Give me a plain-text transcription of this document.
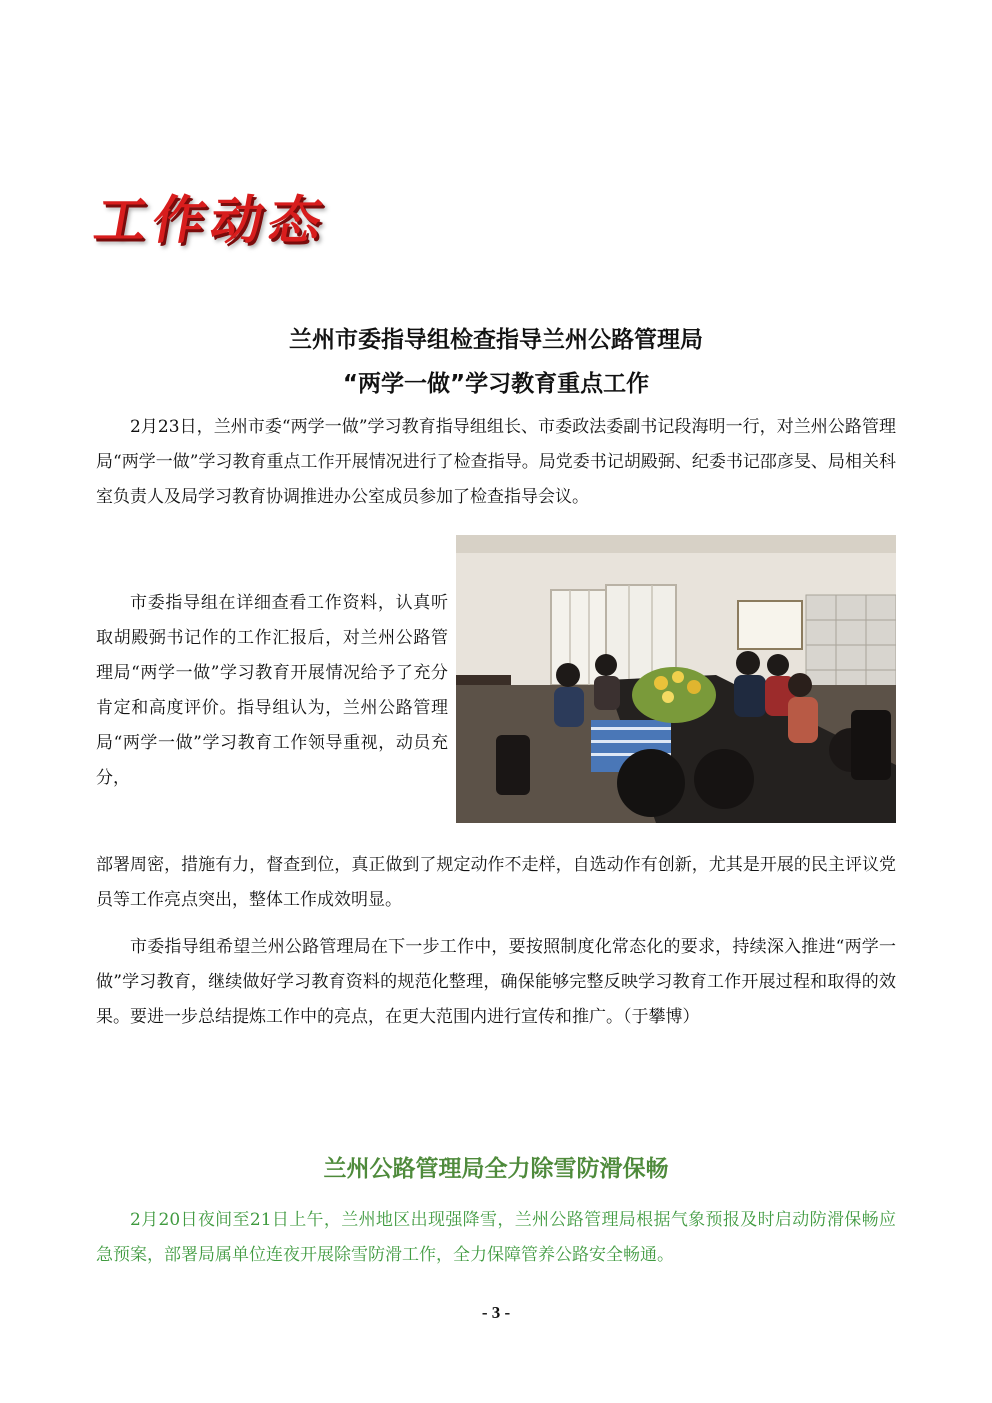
工作动态
兰州市委指导组检查指导兰州公路管理局
“两学一做”学习教育重点工作

2月23日，兰州市委“两学一做”学习教育指导组组长、市委政法委副书记段海明一行，对兰州公路管理局“两学一做”学习教育重点工作开展情况进行了检查指导。局党委书记胡殿弼、纪委书记邵彦旻、局相关科室负责人及局学习教育协调推进办公室成员参加了检查指导会议。

市委指导组在详细查看工作资料，认真听取胡殿弼书记作的工作汇报后，对兰州公路管理局“两学一做”学习教育开展情况给予了充分肯定和高度评价。指导组认为，兰州公路管理局“两学一做”学习教育工作领导重视，动员充分，

部署周密，措施有力，督查到位，真正做到了规定动作不走样，自选动作有创新，尤其是开展的民主评议党员等工作亮点突出，整体工作成效明显。

市委指导组希望兰州公路管理局在下一步工作中，要按照制度化常态化的要求，持续深入推进“两学一做”学习教育，继续做好学习教育资料的规范化整理，确保能够完整反映学习教育工作开展过程和取得的效果。要进一步总结提炼工作中的亮点，在更大范围内进行宣传和推广。（于攀博）

兰州公路管理局全力除雪防滑保畅

2月20日夜间至21日上午，兰州地区出现强降雪，兰州公路管理局根据气象预报及时启动防滑保畅应急预案，部署局属单位连夜开展除雪防滑工作，全力保障管养公路安全畅通。

- 3 -
